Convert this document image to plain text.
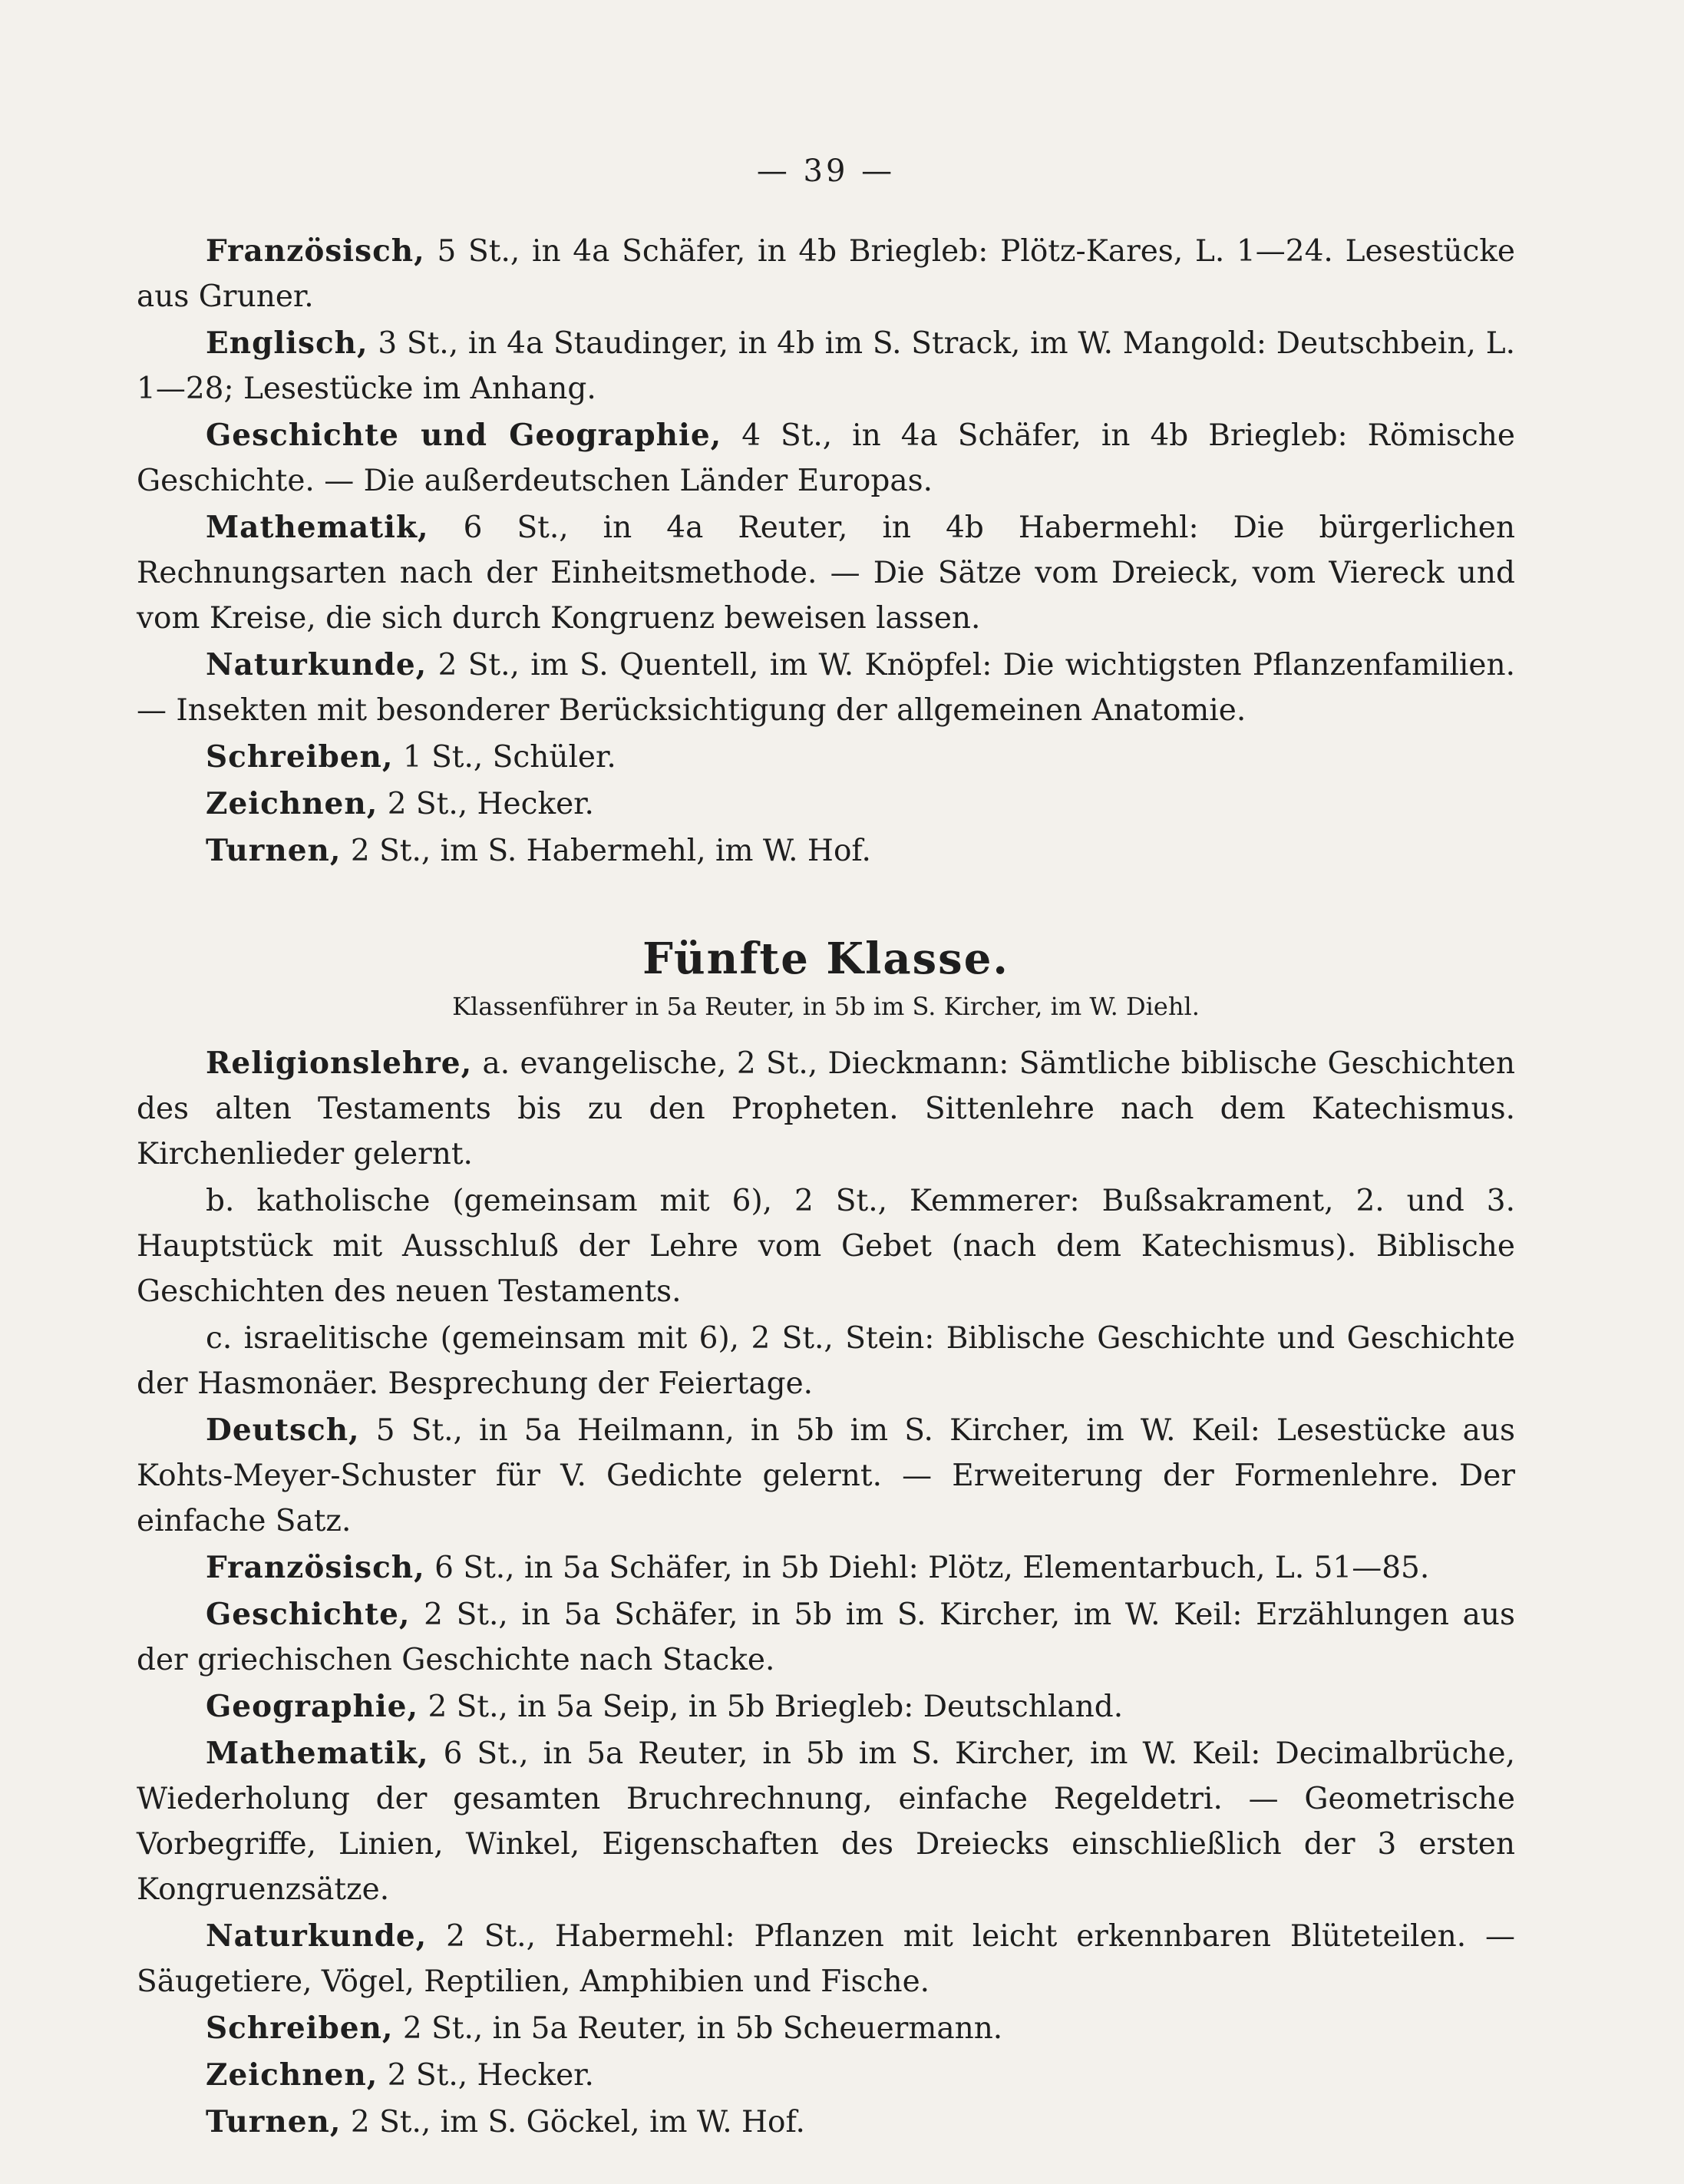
— 39 —

Französisch, 5 St., in 4a Schäfer, in 4b Briegleb: Plötz-Kares, L. 1—24. Lesestücke aus Gruner.

Englisch, 3 St., in 4a Staudinger, in 4b im S. Strack, im W. Mangold: Deutschbein, L. 1—28; Lesestücke im Anhang.

Geschichte und Geographie, 4 St., in 4a Schäfer, in 4b Briegleb: Römische Geschichte. — Die außerdeutschen Länder Europas.

Mathematik, 6 St., in 4a Reuter, in 4b Habermehl: Die bürgerlichen Rechnungsarten nach der Einheitsmethode. — Die Sätze vom Dreieck, vom Viereck und vom Kreise, die sich durch Kongruenz beweisen lassen.

Naturkunde, 2 St., im S. Quentell, im W. Knöpfel: Die wichtigsten Pflanzenfamilien. — Insekten mit besonderer Berücksichtigung der allgemeinen Anatomie.

Schreiben, 1 St., Schüler.

Zeichnen, 2 St., Hecker.

Turnen, 2 St., im S. Habermehl, im W. Hof.

Fünfte Klasse.
Klassenführer in 5a Reuter, in 5b im S. Kircher, im W. Diehl.

Religionslehre, a. evangelische, 2 St., Dieckmann: Sämtliche biblische Geschichten des alten Testaments bis zu den Propheten. Sittenlehre nach dem Katechismus. Kirchenlieder gelernt.

b. katholische (gemeinsam mit 6), 2 St., Kemmerer: Bußsakrament, 2. und 3. Hauptstück mit Ausschluß der Lehre vom Gebet (nach dem Katechismus). Biblische Geschichten des neuen Testaments.

c. israelitische (gemeinsam mit 6), 2 St., Stein: Biblische Geschichte und Geschichte der Hasmonäer. Besprechung der Feiertage.

Deutsch, 5 St., in 5a Heilmann, in 5b im S. Kircher, im W. Keil: Lesestücke aus Kohts-Meyer-Schuster für V. Gedichte gelernt. — Erweiterung der Formenlehre. Der einfache Satz.

Französisch, 6 St., in 5a Schäfer, in 5b Diehl: Plötz, Elementarbuch, L. 51—85.

Geschichte, 2 St., in 5a Schäfer, in 5b im S. Kircher, im W. Keil: Erzählungen aus der griechischen Geschichte nach Stacke.

Geographie, 2 St., in 5a Seip, in 5b Briegleb: Deutschland.

Mathematik, 6 St., in 5a Reuter, in 5b im S. Kircher, im W. Keil: Decimalbrüche, Wiederholung der gesamten Bruchrechnung, einfache Regeldetri. — Geometrische Vorbegriffe, Linien, Winkel, Eigenschaften des Dreiecks einschließlich der 3 ersten Kongruenzsätze.

Naturkunde, 2 St., Habermehl: Pflanzen mit leicht erkennbaren Blüteteilen. — Säugetiere, Vögel, Reptilien, Amphibien und Fische.

Schreiben, 2 St., in 5a Reuter, in 5b Scheuermann.

Zeichnen, 2 St., Hecker.

Turnen, 2 St., im S. Göckel, im W. Hof.
